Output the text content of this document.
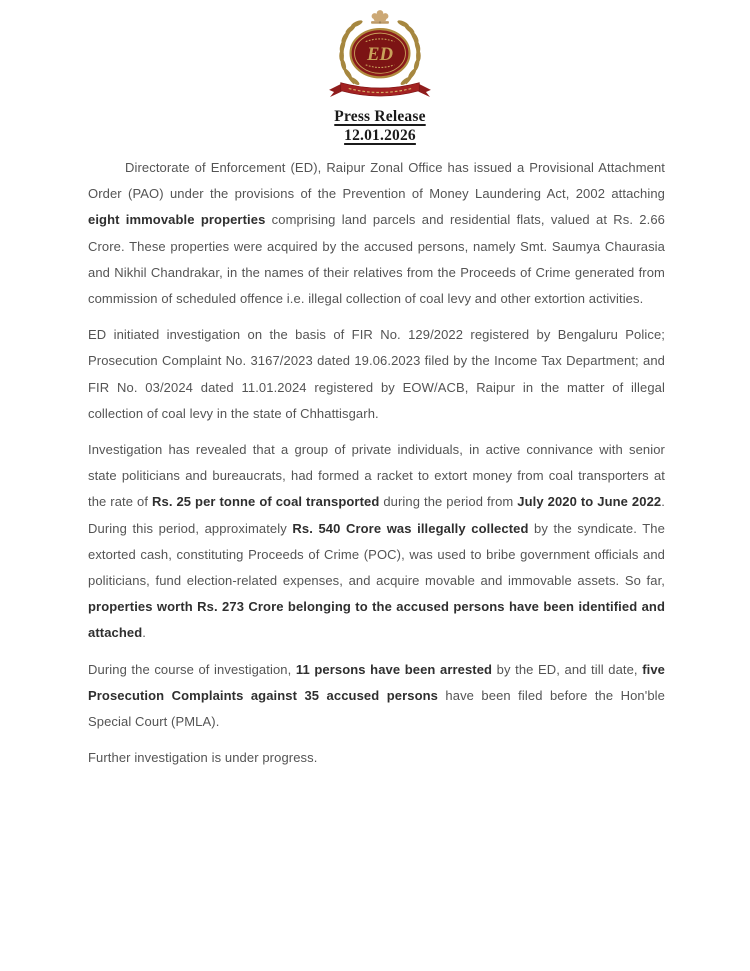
ED
Press Release
12.01.2026

Directorate of Enforcement (ED), Raipur Zonal Office has issued a Provisional Attachment Order (PAO) under the provisions of the Prevention of Money Laundering Act, 2002 attaching eight immovable properties comprising land parcels and residential flats, valued at Rs. 2.66 Crore. These properties were acquired by the accused persons, namely Smt. Saumya Chaurasia and Nikhil Chandrakar, in the names of their relatives from the Proceeds of Crime generated from commission of scheduled offence i.e. illegal collection of coal levy and other extortion activities.

ED initiated investigation on the basis of FIR No. 129/2022 registered by Bengaluru Police; Prosecution Complaint No. 3167/2023 dated 19.06.2023 filed by the Income Tax Department; and FIR No. 03/2024 dated 11.01.2024 registered by EOW/ACB, Raipur in the matter of illegal collection of coal levy in the state of Chhattisgarh.

Investigation has revealed that a group of private individuals, in active connivance with senior state politicians and bureaucrats, had formed a racket to extort money from coal transporters at the rate of Rs. 25 per tonne of coal transported during the period from July 2020 to June 2022. During this period, approximately Rs. 540 Crore was illegally collected by the syndicate. The extorted cash, constituting Proceeds of Crime (POC), was used to bribe government officials and politicians, fund election-related expenses, and acquire movable and immovable assets. So far, properties worth Rs. 273 Crore belonging to the accused persons have been identified and attached.

During the course of investigation, 11 persons have been arrested by the ED, and till date, five Prosecution Complaints against 35 accused persons have been filed before the Hon'ble Special Court (PMLA).

Further investigation is under progress.
